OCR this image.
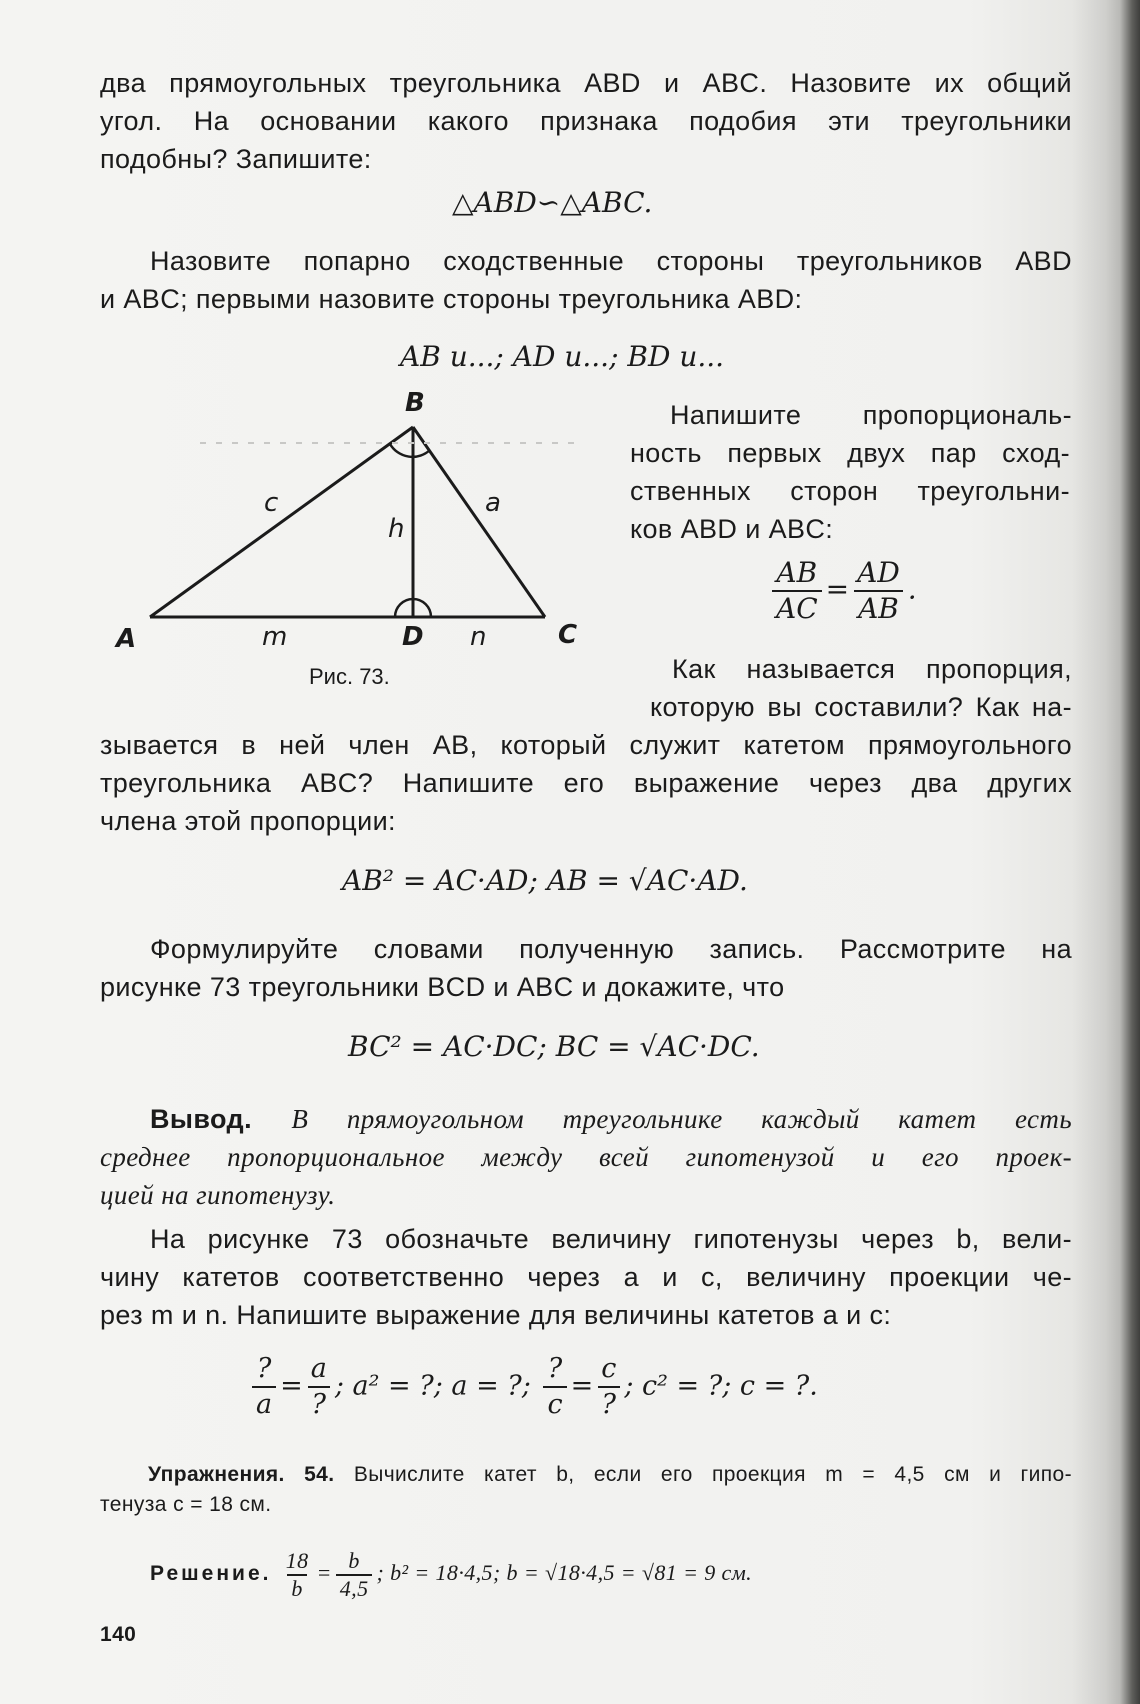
два прямоугольных треугольника ABD и ABC. Назовите их общий
угол. На основании какого признака подобия эти треугольники
подобны? Запишите:
△ABD∽△ABC.
Назовите попарно сходственные стороны треугольников ABD
и ABC; первыми назовите стороны треугольника ABD:
AB и...; AD и...; BD и...
B
A	C
D
c	a
h
m	n
Рис. 73.
Напишите пропорциональ-
ность первых двух пар сход-
ственных сторон треугольни-
ков ABD и ABC:
$\frac{AB}{AC} = \frac{AD}{AB}$ .
Как называется пропорция,
которую вы составили? Как на-
зывается в ней член AB, который служит катетом прямоугольного
треугольника ABC? Напишите его выражение через два других
члена этой пропорции:
AB² = AC·AD; AB = √AC·AD.
Формулируйте словами полученную запись. Рассмотрите на
рисунке 73 треугольники BCD и ABC и докажите, что
BC² = AC·DC; BC = √AC·DC.
Вывод. В прямоугольном треугольнике каждый катет есть
среднее пропорциональное между всей гипотенузой и его проек-
цией на гипотенузу.
На рисунке 73 обозначьте величину гипотенузы через b, вели-
чину катетов соответственно через a и c, величину проекции че-
рез m и n. Напишите выражение для величины катетов a и c:
$\frac{?}{a} = \frac{a}{?}$ ; a² = ?; a = ?; $\frac{?}{c} = \frac{c}{?}$ ; c² = ?; c = ?.
Упражнения. 54. Вычислите катет b, если его проекция m = 4,5 см и гипо-
тенуза c = 18 см.
Решение. $\frac{18}{b} = \frac{b}{4,5}$ ; b² = 18·4,5; b = √18·4,5 = √81 = 9 см.
140
